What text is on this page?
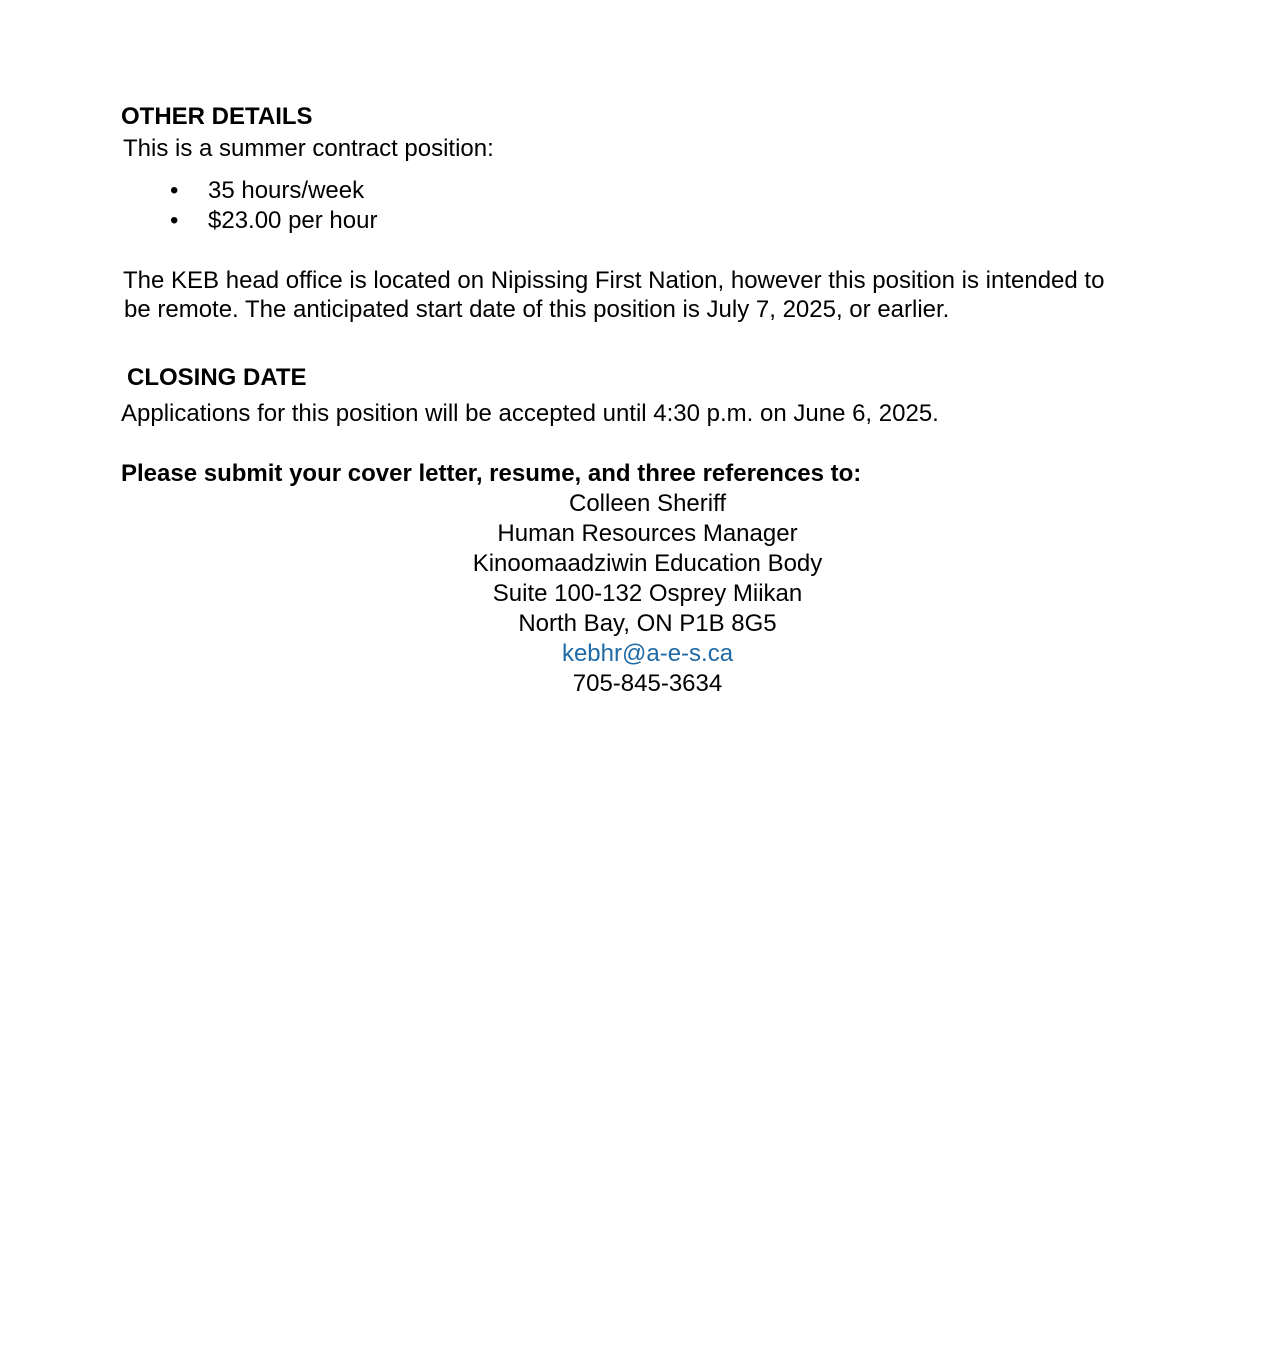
OTHER DETAILS

This is a summer contract position:

• 35 hours/week
• $23.00 per hour

The KEB head office is located on Nipissing First Nation, however this position is intended to

be remote. The anticipated start date of this position is July 7, 2025, or earlier.

CLOSING DATE

Applications for this position will be accepted until 4:30 p.m. on June 6, 2025.

Please submit your cover letter, resume, and three references to:

Colleen Sheriff
Human Resources Manager
Kinoomaadziwin Education Body
Suite 100-132 Osprey Miikan
North Bay, ON P1B 8G5
kebhr@a-e-s.ca
705-845-3634
